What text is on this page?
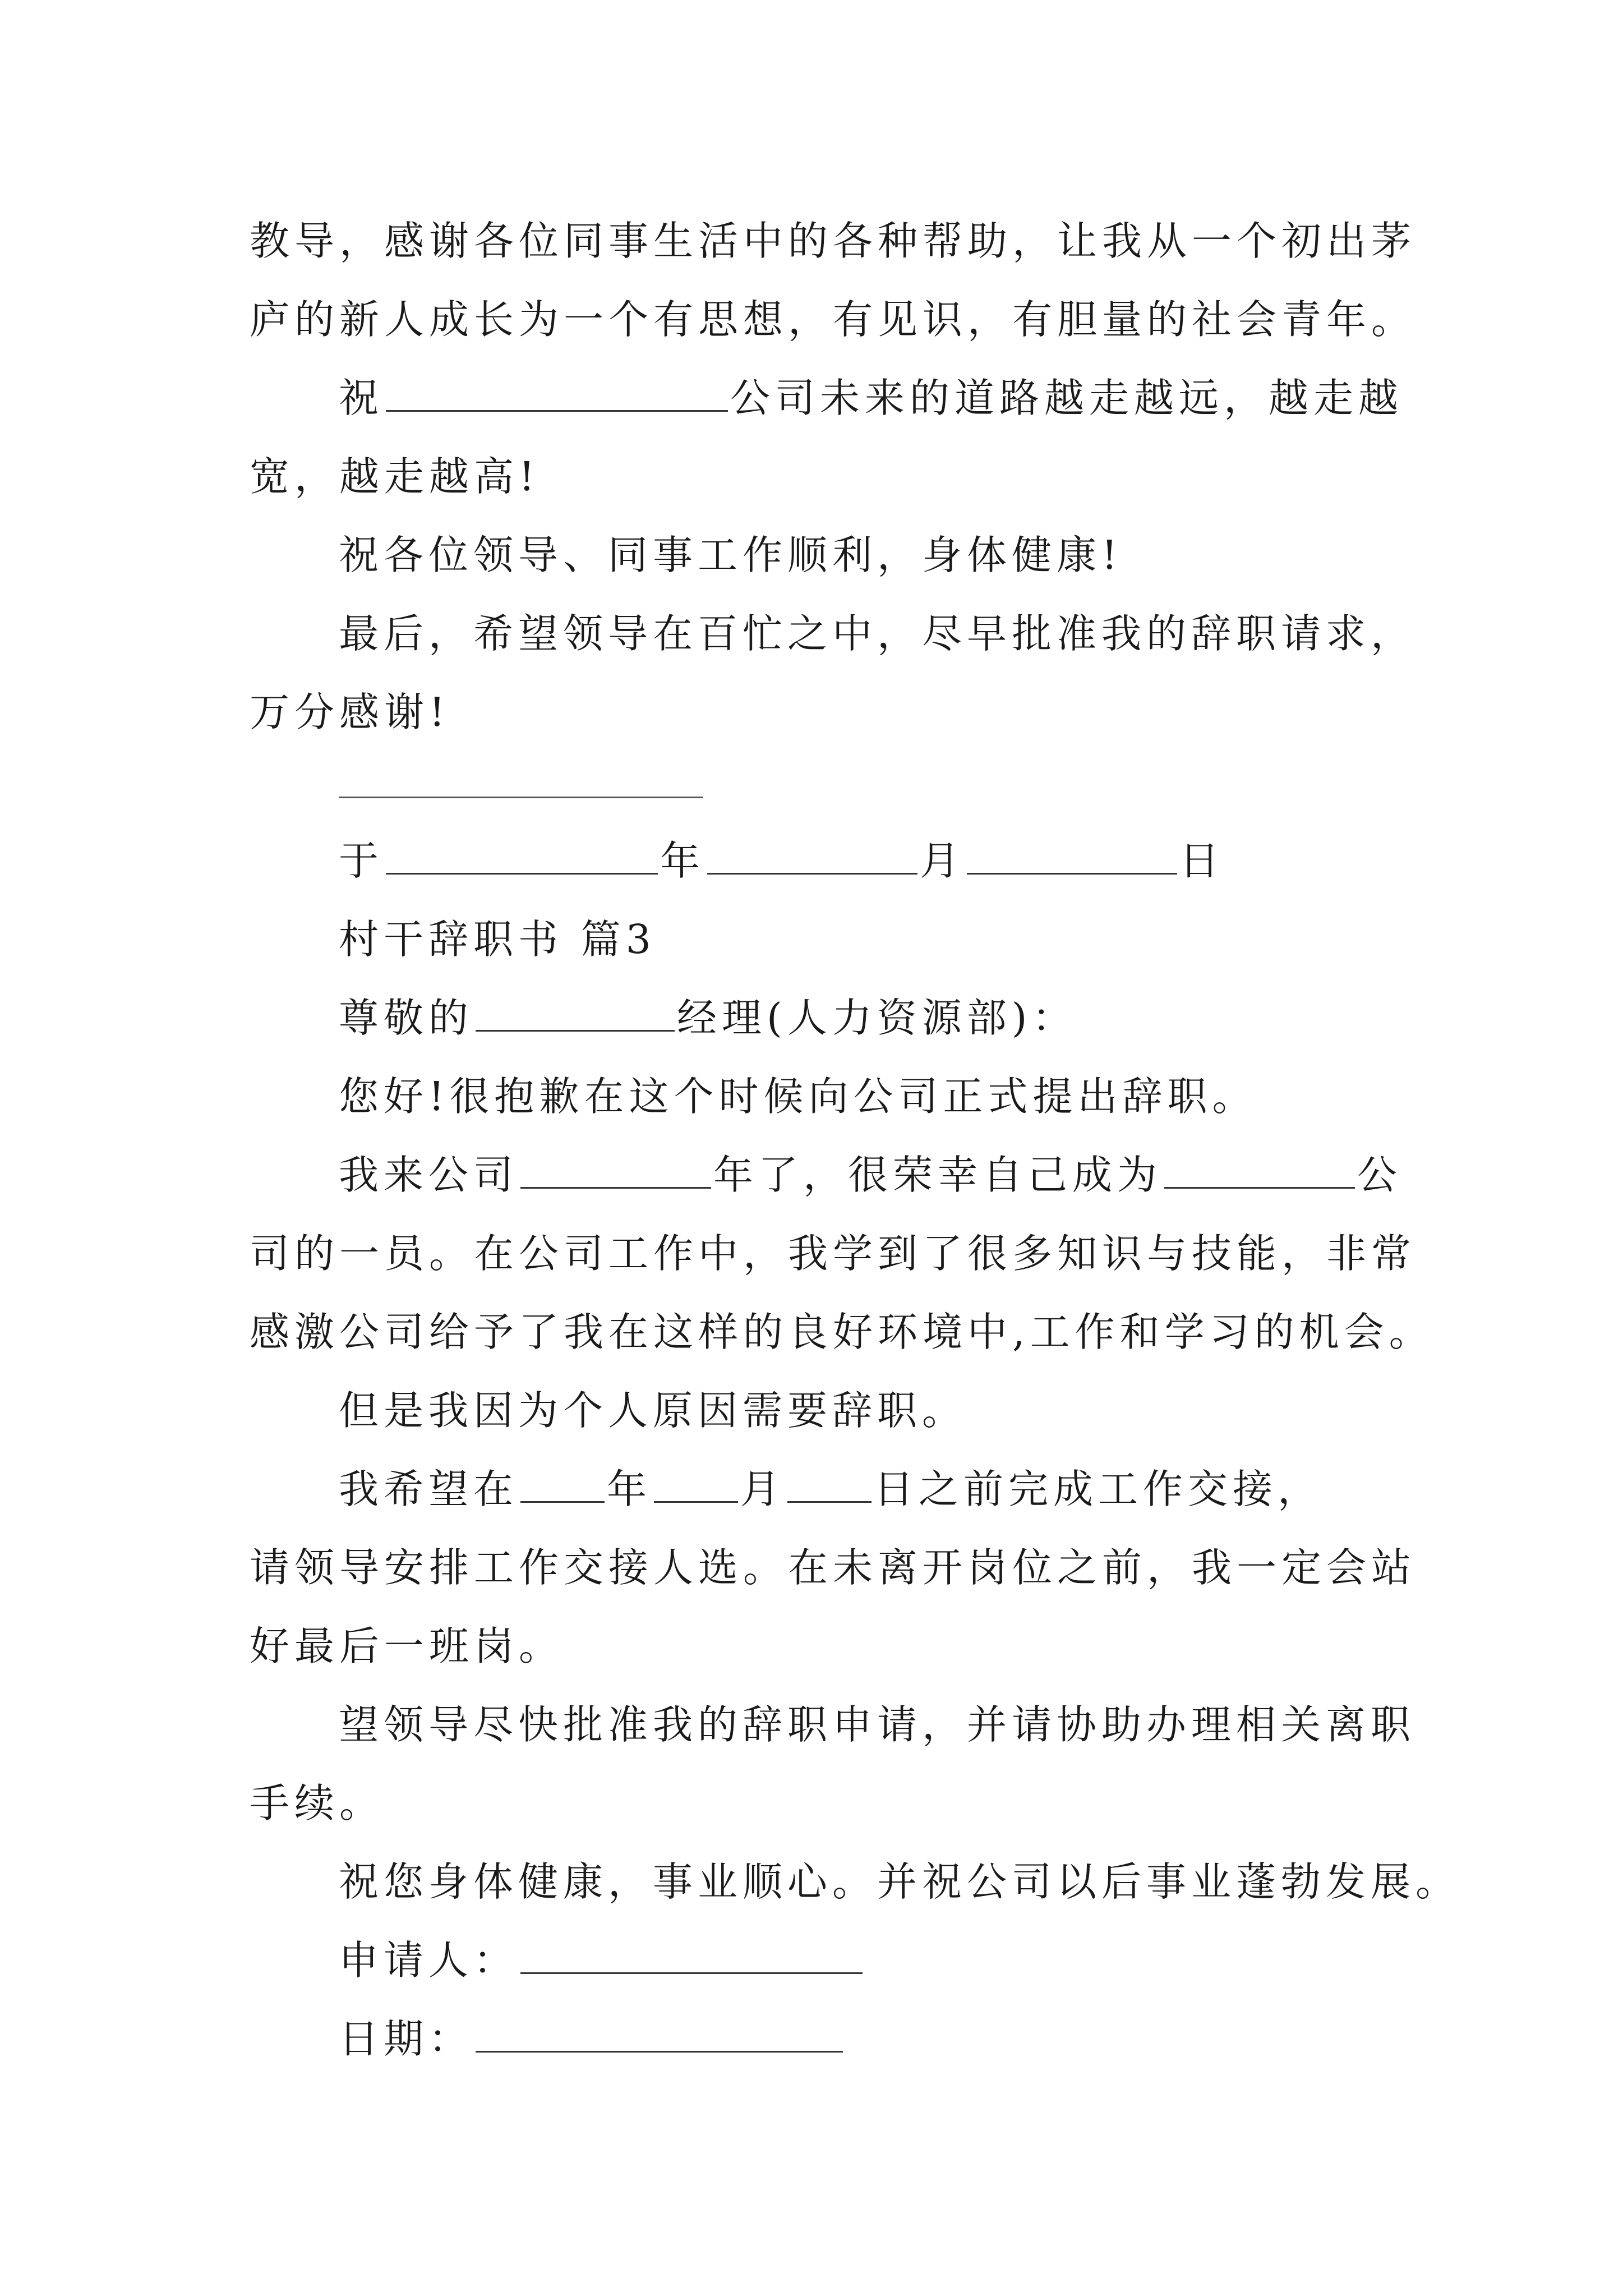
教导，感谢各位同事生活中的各种帮助，让我从一个初出茅
庐的新人成长为一个有思想，有见识，有胆量的社会青年。
祝	公司未来的道路越走越远，越走越
宽，越走越高!
祝各位领导、同事工作顺利，身体健康!
最后，希望领导在百忙之中，尽早批准我的辞职请求，
万分感谢!
于	年	月	日
村干辞职书 篇3
尊敬的	经理(人力资源部)：
您好!很抱歉在这个时候向公司正式提出辞职。
我来公司	年了，很荣幸自己成为	公
司的一员。在公司工作中，我学到了很多知识与技能，非常
感激公司给予了我在这样的良好环境中,工作和学习的机会。
但是我因为个人原因需要辞职。
我希望在 年 月 日之前完成工作交接，
请领导安排工作交接人选。在未离开岗位之前，我一定会站
好最后一班岗。
望领导尽快批准我的辞职申请，并请协助办理相关离职
手续。
祝您身体健康，事业顺心。并祝公司以后事业蓬勃发展。
申请人：
日期：
